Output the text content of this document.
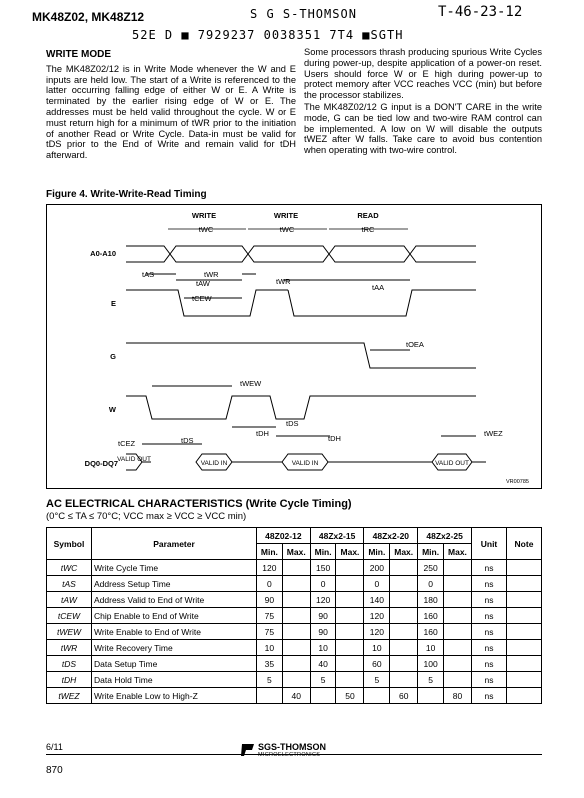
MK48Z02, MK48Z12	S G S-THOMSON	T-46-23-12
52E D ■ 7929237 0038351 7T4 ■SGTH
WRITE MODE

The MK48Z02/12 is in Write Mode whenever the W and E inputs are held low. The start of a Write is referenced to the latter occurring falling edge of either W or E. A Write is terminated by the earlier rising edge of W or E. The addresses must be held valid throughout the cycle. W or E must return high for a minimum of tWR prior to the initiation of another Read or Write Cycle. Data-in must be valid for tDS prior to the End of Write and remain valid for tDH afterward.

Some processors thrash producing spurious Write Cycles during power-up, despite application of a power-on reset. Users should force W or E high during power-up to protect memory after VCC reaches VCC (min) but before the processor stabilizes.

The MK48Z02/12 G input is a DON'T CARE in the write mode, G can be tied low and two-wire RAM control can be implemented. A low on W will disable the outputs tWEZ after W falls. Take care to avoid bus contention when operating with two-wire control.

Figure 4. Write-Write-Read Timing
WRITE	WRITE	READ
tWC	tWC	tRC
A0-A10
E
G
W
DQ0-DQ7
tAS	tWR
tAW	tWR
tAA
tCEW
tOEA
tWEW
tDS
tDH
tDS	tDH
tCEZ
tWEZ
VALID OUT
VALID IN	VALID IN	VALID OUT
VR00785
AC ELECTRICAL CHARACTERISTICS (Write Cycle Timing)
(0°C ≤ TA ≤ 70°C; VCC max ≥ VCC ≥ VCC min)
Symbol	Parameter	48Z02-12		48Zx2-15		48Zx2-20		48Zx2-25		Unit	Note
		Min.	Max.	Min.	Max.	Min.	Max.	Min.	Max.		
tWC	Write Cycle Time	120		150		200		250		ns	
tAS	Address Setup Time	0		0		0		0		ns	
tAW	Address Valid to End of Write	90		120		140		180		ns	
tCEW	Chip Enable to End of Write	75		90		120		160		ns	
tWEW	Write Enable to End of Write	75		90		120		160		ns	
tWR	Write Recovery Time	10		10		10		10		ns	
tDS	Data Setup Time	35		40		60		100		ns	
tDH	Data Hold Time	5		5		5		5		ns	
tWEZ	Write Enable Low to High-Z		40		50		60		80	ns	
6/11	SGS-THOMSON
MICROELECTRONICS
870
